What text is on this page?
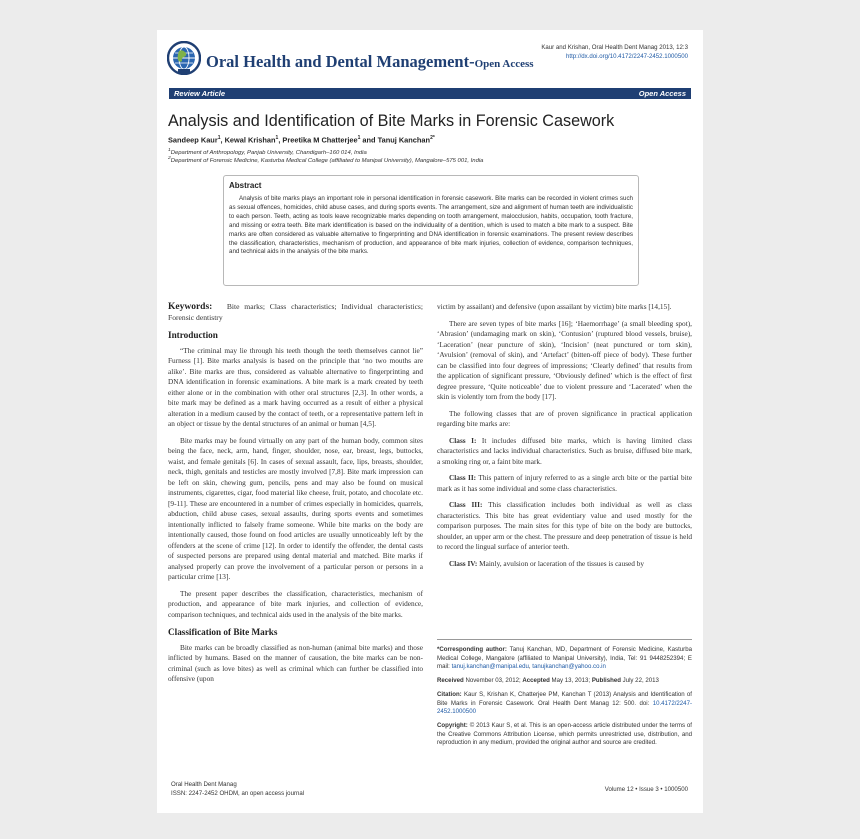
Oral Health and Dental Management-Open Access
Kaur and Krishan, Oral Health Dent Manag 2013, 12:3
http://dx.doi.org/10.4172/2247-2452.1000500
Review Article	Open Access
Analysis and Identification of Bite Marks in Forensic Casework
Sandeep Kaur$^1$, Kewal Krishan$^1$, Preetika M Chatterjee$^1$ and Tanuj Kanchan$^{2*}$
$^1$Department of Anthropology, Panjab University, Chandigarh–160 014, India
$^2$Department of Forensic Medicine, Kasturba Medical College (affiliated to Manipal University), Mangalore–575 001, India
Abstract
Analysis of bite marks plays an important role in personal identification in forensic casework. Bite marks can be recorded in violent crimes such as sexual offences, homicides, child abuse cases, and during sports events. The arrangement, size and alignment of human teeth are individualistic to each person. Teeth, acting as tools leave recognizable marks depending on tooth arrangement, malocclusion, habits, occupation, tooth fracture, and missing or extra teeth. Bite mark identification is based on the individuality of a dentition, which is used to match a bite mark to a suspect. Bite marks are often considered as valuable alternative to fingerprinting and DNA identification in forensic examinations. The present review describes the classification, characteristics, mechanism of production, and appearance of bite mark injuries, collection of evidence, comparison techniques, and technical aids in the analysis of the bite marks.

Keywords: Bite marks; Class characteristics; Individual characteristics; Forensic dentistry

Introduction

“The criminal may lie through his teeth though the teeth themselves cannot lie” Furness [1]. Bite marks analysis is based on the principle that ‘no two mouths are alike’. Bite marks are thus, considered as valuable alternative to fingerprinting and DNA identification in forensic examinations. A bite mark is a mark created by teeth either alone or in the combination with other oral structures [2,3]. In other words, a bite mark may be defined as a mark having occurred as a result of either a physical alteration in a medium caused by the contact of teeth, or a representative pattern left in an object or tissue by the dental structures of an animal or human [4,5].

Bite marks may be found virtually on any part of the human body, common sites being the face, neck, arm, hand, finger, shoulder, nose, ear, breast, legs, buttocks, waist, and female genitals [6]. In cases of sexual assault, face, lips, breasts, shoulder, neck, thigh, genitals and testicles are mostly involved [7,8]. Bite mark impression can be left on skin, chewing gum, pencils, pens and may also be found on musical instruments, cigarettes, cigar, food material like cheese, fruit, potato, and chocolate etc. [9-11]. These are encountered in a number of crimes especially in homicides, quarrels, abduction, child abuse cases, sexual assaults, during sports events and sometimes intentionally inflicted to falsely frame someone. While bite marks on the body are intentionally caused, those found on food articles are usually unnoticeably left by the offenders at the scene of crime [12]. In order to identify the offender, the dental casts of suspected persons are prepared using dental material and matched. Bite marks if analysed properly can prove the involvement of a particular person or persons in a particular crime [13].

The present paper describes the classification, characteristics, mechanism of production, and appearance of bite mark injuries, and collection of evidence, comparison techniques, and technical aids used in the analysis of the bite marks.

Classification of Bite Marks

Bite marks can be broadly classified as non-human (animal bite marks) and those inflicted by humans. Based on the manner of causation, the bite marks can be non-criminal (such as love bites) as well as criminal which can further be classified into offensive (upon

victim by assailant) and defensive (upon assailant by victim) bite marks [14,15].

There are seven types of bite marks [16]; ‘Haemorrhage’ (a small bleeding spot), ‘Abrasion’ (undamaging mark on skin), ‘Contusion’ (ruptured blood vessels, bruise), ‘Laceration’ (near puncture of skin), ‘Incision’ (neat punctured or torn skin), ‘Avulsion’ (removal of skin), and ‘Artefact’ (bitten-off piece of body). These further can be classified into four degrees of impressions; ‘Clearly defined’ that results from the application of significant pressure, ‘Obviously defined’ which is the effect of first degree pressure, ‘Quite noticeable’ due to violent pressure and ‘Lacerated’ when the skin is violently torn from the body [17].

The following classes that are of proven significance in practical application regarding bite marks are:

Class I: It includes diffused bite marks, which is having limited class characteristics and lacks individual characteristics. Such as bruise, diffused bite mark, a smoking ring or, a faint bite mark.

Class II: This pattern of injury referred to as a single arch bite or the partial bite mark as it has some individual and some class characteristics.

Class III: This classification includes both individual as well as class characteristics. This bite has great evidentiary value and used mostly for the comparison purposes. The main sites for this type of bite on the body are buttocks, shoulder, an upper arm or the chest. The pressure and deep penetration of tissue is held to record the lingual surface of anterior teeth.

Class IV: Mainly, avulsion or laceration of the tissues is caused by

*Corresponding author: Tanuj Kanchan, MD, Department of Forensic Medicine, Kasturba Medical College, Mangalore (affiliated to Manipal University), India, Tel: 91 9448252394; E mail: tanuj.kanchan@manipal.edu, tanujkanchan@yahoo.co.in
Received November 03, 2012; Accepted May 13, 2013; Published July 22, 2013
Citation: Kaur S, Krishan K, Chatterjee PM, Kanchan T (2013) Analysis and Identification of Bite Marks in Forensic Casework. Oral Health Dent Manag 12: 500. doi: 10.4172/2247-2452.1000500
Copyright: © 2013 Kaur S, et al. This is an open-access article distributed under the terms of the Creative Commons Attribution License, which permits unrestricted use, distribution, and reproduction in any medium, provided the original author and source are credited.
Oral Health Dent Manag
ISSN: 2247-2452 OHDM, an open access journal
Volume 12 • Issue 3 • 1000500
